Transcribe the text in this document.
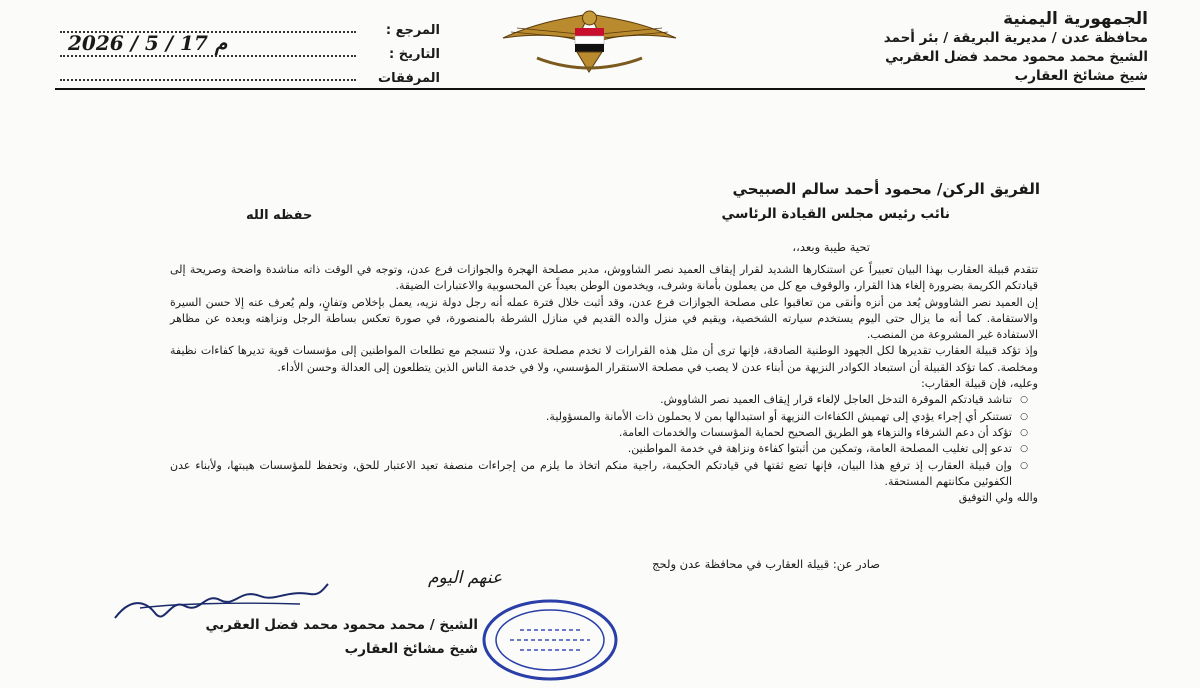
الجمهورية اليمنية
محافظة عدن / مديرية البريقة / بئر أحمد
الشيخ محمد محمود محمد فضل العقربي
شيخ مشائخ العقارب
المرجع :
التاريخ :
2026 / 5 / 17 م
المرفقات
الفريق الركن/ محمود أحمد سالم الصبيحي
نائب رئيس مجلس القيادة الرئاسي
حفظه الله
تحية طيبة وبعد،،

تتقدم قبيلة العقارب بهذا البيان تعبيراً عن استنكارها الشديد لقرار إيقاف العميد نصر الشاووش، مدير مصلحة الهجرة والجوازات فرع عدن، وتوجه في الوقت ذاته مناشدة واضحة وصريحة إلى قيادتكم الكريمة بضرورة إلغاء هذا القرار، والوقوف مع كل من يعملون بأمانة وشرف، ويخدمون الوطن بعيداً عن المحسوبية والاعتبارات الضيقة.

إن العميد نصر الشاووش يُعد من أنزه وأنقى من تعاقبوا على مصلحة الجوازات فرع عدن، وقد أثبت خلال فترة عمله أنه رجل دولة نزيه، يعمل بإخلاص وتفانٍ، ولم يُعرف عنه إلا حسن السيرة والاستقامة. كما أنه ما يزال حتى اليوم يستخدم سيارته الشخصية، ويقيم في منزل والده القديم في منازل الشرطة بالمنصورة، في صورة تعكس بساطة الرجل ونزاهته وبعده عن مظاهر الاستفادة غير المشروعة من المنصب.

وإذ تؤكد قبيلة العقارب تقديرها لكل الجهود الوطنية الصادقة، فإنها ترى أن مثل هذه القرارات لا تخدم مصلحة عدن، ولا تنسجم مع تطلعات المواطنين إلى مؤسسات قوية تديرها كفاءات نظيفة ومخلصة. كما تؤكد القبيلة أن استبعاد الكوادر النزيهة من أبناء عدن لا يصب في مصلحة الاستقرار المؤسسي، ولا في خدمة الناس الذين يتطلعون إلى العدالة وحسن الأداء.

وعليه، فإن قبيلة العقارب:

○ تناشد قيادتكم الموقرة التدخل العاجل لإلغاء قرار إيقاف العميد نصر الشاووش.
○ تستنكر أي إجراء يؤدي إلى تهميش الكفاءات النزيهة أو استبدالها بمن لا يحملون ذات الأمانة والمسؤولية.
○ تؤكد أن دعم الشرفاء والنزهاء هو الطريق الصحيح لحماية المؤسسات والخدمات العامة.
○ تدعو إلى تغليب المصلحة العامة، وتمكين من أثبتوا كفاءة ونزاهة في خدمة المواطنين.
○ وإن قبيلة العقارب إذ ترفع هذا البيان، فإنها تضع ثقتها في قيادتكم الحكيمة، راجية منكم اتخاذ ما يلزم من إجراءات منصفة تعيد الاعتبار للحق، وتحفظ للمؤسسات هيبتها، ولأبناء عدن الكفوئين مكانتهم المستحقة.

والله ولي التوفيق

صادر عن: قبيلة العقارب في محافظة عدن ولحج
عنهم اليوم
الشيخ / محمد محمود محمد فضل العقربي
شيخ مشائخ العقارب
